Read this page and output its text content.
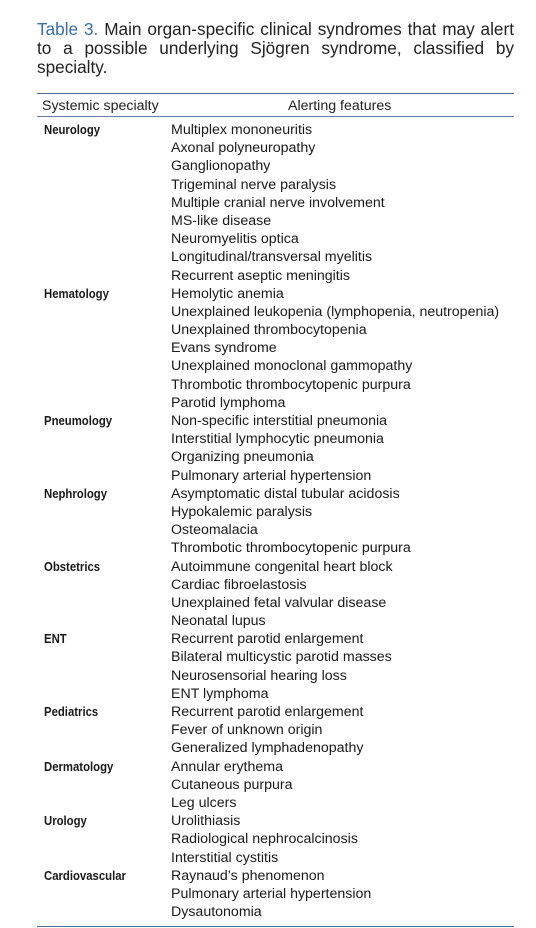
Table 3. Main organ-specific clinical syndromes that may alert to a possible underlying Sjögren syndrome, classified by specialty.
Systemic specialty	Alerting features
Neurology	Multiplex mononeuritis
Axonal polyneuropathy
Ganglionopathy
Trigeminal nerve paralysis
Multiple cranial nerve involvement
MS-like disease
Neuromyelitis optica
Longitudinal/transversal myelitis
Recurrent aseptic meningitis
Hematology	Hemolytic anemia
Unexplained leukopenia (lymphopenia, neutropenia)
Unexplained thrombocytopenia
Evans syndrome
Unexplained monoclonal gammopathy
Thrombotic thrombocytopenic purpura
Parotid lymphoma
Pneumology	Non-specific interstitial pneumonia
Interstitial lymphocytic pneumonia
Organizing pneumonia
Pulmonary arterial hypertension
Nephrology	Asymptomatic distal tubular acidosis
Hypokalemic paralysis
Osteomalacia
Thrombotic thrombocytopenic purpura
Obstetrics	Autoimmune congenital heart block
Cardiac fibroelastosis
Unexplained fetal valvular disease
Neonatal lupus
ENT	Recurrent parotid enlargement
Bilateral multicystic parotid masses
Neurosensorial hearing loss
ENT lymphoma
Pediatrics	Recurrent parotid enlargement
Fever of unknown origin
Generalized lymphadenopathy
Dermatology	Annular erythema
Cutaneous purpura
Leg ulcers
Urology	Urolithiasis
Radiological nephrocalcinosis
Interstitial cystitis
Cardiovascular	Raynaud’s phenomenon
Pulmonary arterial hypertension
Dysautonomia
